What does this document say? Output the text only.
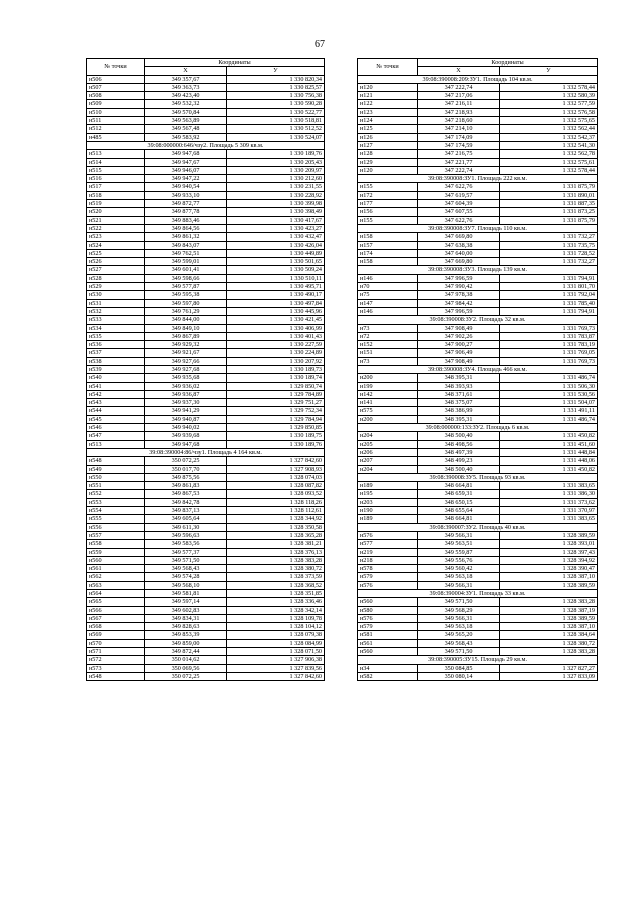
67
№ точки	Координаты	
	X	У
н506	349 357,67	1 330 820,34
н507	349 363,73	1 330 825,57
н508	349 423,40	1 330 756,38
н509	349 532,32	1 330 590,28
н510	349 570,84	1 330 522,77
н511	349 563,89	1 330 518,81
н512	349 567,48	1 330 512,52
н485	349 583,92	1 330 524,07
39:08:000000:646/чзу2. Площадь 5 309 кв.м.		
н513	349 947,68	1 330 189,76
н514	349 947,67	1 330 205,43
н515	349 946,07	1 330 209,97
н516	349 947,22	1 330 212,60
н517	349 940,54	1 330 231,55
н518	349 933,10	1 330 228,92
н519	349 872,77	1 330 399,98
н520	349 877,78	1 330 398,49
н521	349 883,46	1 330 417,67
н522	349 864,56	1 330 423,27
н523	349 861,32	1 330 432,47
н524	349 843,07	1 330 426,04
н525	349 762,51	1 330 449,89
н526	349 599,01	1 330 501,65
н527	349 601,41	1 330 509,24
н528	349 598,66	1 330 510,11
н529	349 577,87	1 330 495,71
н530	349 595,38	1 330 490,17
н531	349 597,80	1 330 497,84
н532	349 761,29	1 330 445,96
н533	349 844,00	1 330 421,45
н534	349 849,10	1 330 406,99
н535	349 867,89	1 330 401,43
н536	349 929,32	1 330 227,59
н537	349 921,67	1 330 224,89
н538	349 927,66	1 330 207,92
н539	349 927,68	1 330 189,73
н540	349 935,68	1 330 189,74
н541	349 936,02	1 329 850,74
н542	349 936,87	1 329 784,89
н543	349 937,30	1 329 751,27
н544	349 941,29	1 329 752,34
н545	349 940,87	1 329 784,94
н546	349 940,02	1 329 850,85
н547	349 939,68	1 330 189,75
н513	349 947,68	1 330 189,76
39:08:390004:86/чзу1. Площадь 4 164 кв.м.		
н548	350 072,25	1 327 842,60
н549	350 017,70	1 327 908,93
н550	349 875,56	1 328 074,03
н551	349 861,83	1 328 087,82
н552	349 867,53	1 328 093,52
н553	349 842,78	1 328 118,26
н554	349 837,13	1 328 112,61
н555	349 605,64	1 328 344,92
н556	349 611,30	1 328 350,58
н557	349 596,63	1 328 365,28
н558	349 583,56	1 328 381,21
н559	349 577,37	1 328 376,13
н560	349 571,50	1 328 383,28
н561	349 568,43	1 328 380,72
н562	349 574,28	1 328 373,59
н563	349 568,10	1 328 368,52
н564	349 581,81	1 328 351,85
н565	349 597,14	1 328 336,46
н566	349 602,83	1 328 342,14
н567	349 834,31	1 328 109,78
н568	349 828,63	1 328 104,12
н569	349 853,39	1 328 079,38
н570	349 859,00	1 328 084,99
н571	349 872,44	1 328 071,50
н572	350 014,62	1 327 906,38
н573	350 069,56	1 327 839,56
н548	350 072,25	1 327 842,60
№ точки	Координаты	
	X	У
39:08:390008:209:ЗУ1. Площадь 104 кв.м.		
н120	347 222,74	1 332 578,44
н121	347 217,06	1 332 580,39
н122	347 216,11	1 332 577,59
н123	347 218,93	1 332 576,58
н124	347 218,60	1 332 575,65
н125	347 214,10	1 332 562,44
н126	347 174,09	1 332 542,37
н127	347 174,59	1 332 541,30
н128	347 216,75	1 332 562,78
н129	347 221,77	1 332 575,61
н120	347 222,74	1 332 578,44
39:08:390008:ЗУ1. Площадь 222 кв.м.		
н155	347 622,76	1 331 875,79
н172	347 619,57	1 331 890,01
н177	347 604,39	1 331 887,35
н156	347 607,55	1 331 873,25
н155	347 622,76	1 331 875,79
39:08:390008:ЗУ7. Площадь 110 кв.м.		
н158	347 669,80	1 331 732,27
н157	347 638,38	1 331 735,75
н174	347 640,00	1 331 728,52
н158	347 669,80	1 331 732,27
39:08:390008:ЗУ3. Площадь 139 кв.м.		
н146	347 996,59	1 331 794,91
н70	347 990,42	1 331 801,70
н75	347 978,38	1 331 792,04
н147	347 984,42	1 331 785,40
н146	347 996,59	1 331 794,91
39:08:390008:ЗУ2. Площадь 32 кв.м.		
н73	347 908,49	1 331 769,73
н72	347 902,26	1 331 783,87
н152	347 900,27	1 331 783,19
н151	347 906,49	1 331 769,05
н73	347 908,49	1 331 769,73
39:08:390008:ЗУ4. Площадь 466 кв.м.		
н200	348 395,31	1 331 486,74
н199	348 393,93	1 331 506,30
н142	348 371,61	1 331 530,56
н141	348 375,07	1 331 504,07
н575	348 386,99	1 331 491,11
н200	348 395,31	1 331 486,74
39:08:000000:133:ЗУ2. Площадь 6 кв.м.		
н204	348 500,40	1 331 450,82
н205	348 498,56	1 331 451,60
н206	348 497,39	1 331 448,84
н207	348 499,23	1 331 448,06
н204	348 500,40	1 331 450,82
39:08:390008:ЗУ5. Площадь 93 кв.м.		
н189	348 664,81	1 331 383,65
н195	348 659,31	1 331 386,30
н203	348 650,15	1 331 373,62
н190	348 655,64	1 331 370,97
н189	348 664,81	1 331 383,65
39:08:390007:ЗУ2. Площадь 40 кв.м.		
н576	349 566,31	1 328 389,59
н577	349 563,51	1 328 393,01
н219	349 559,87	1 328 397,43
н218	349 556,76	1 328 394,92
н578	349 560,42	1 328 390,47
н579	349 563,18	1 328 387,10
н576	349 566,31	1 328 389,59
39:08:390004:ЗУ1. Площадь 33 кв.м.		
н560	349 571,50	1 328 383,28
н580	349 568,29	1 328 387,19
н576	349 566,31	1 328 389,59
н579	349 563,18	1 328 387,10
н581	349 565,20	1 328 384,64
н561	349 568,43	1 328 380,72
н560	349 571,50	1 328 383,28
39:08:390005:ЗУ15. Площадь 29 кв.м.		
н34	350 084,85	1 327 827,27
н582	350 080,14	1 327 833,09
